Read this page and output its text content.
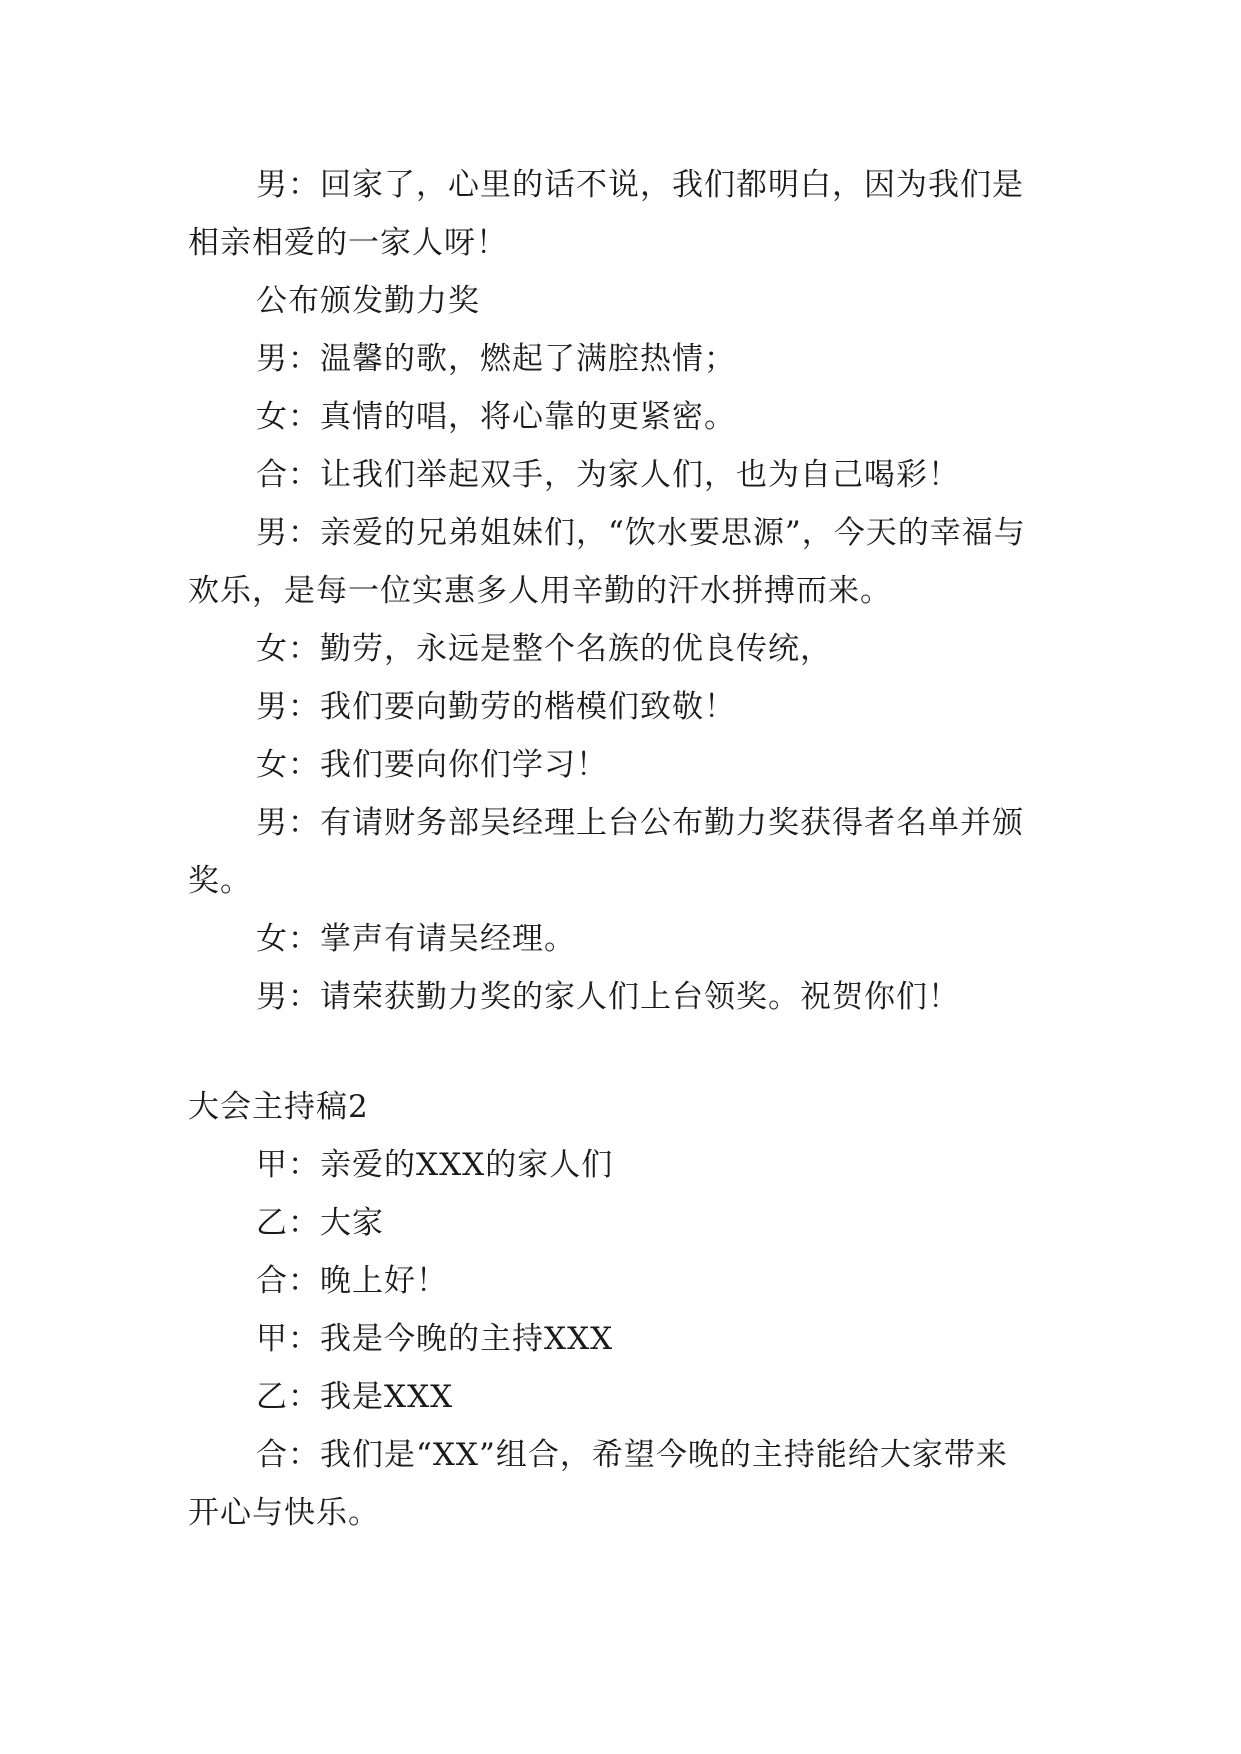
男：回家了，心里的话不说，我们都明白，因为我们是
相亲相爱的一家人呀！
公布颁发勤力奖
男：温馨的歌，燃起了满腔热情；
女：真情的唱，将心靠的更紧密。
合：让我们举起双手，为家人们，也为自己喝彩！
男：亲爱的兄弟姐妹们，“饮水要思源”，今天的幸福与
欢乐，是每一位实惠多人用辛勤的汗水拼搏而来。
女：勤劳，永远是整个名族的优良传统，
男：我们要向勤劳的楷模们致敬！
女：我们要向你们学习！
男：有请财务部吴经理上台公布勤力奖获得者名单并颁
奖。
女：掌声有请吴经理。
男：请荣获勤力奖的家人们上台领奖。祝贺你们！
大会主持稿2
甲：亲爱的XXX的家人们
乙：大家
合：晚上好！
甲：我是今晚的主持XXX
乙：我是XXX
合：我们是“XX”组合，希望今晚的主持能给大家带来
开心与快乐。
